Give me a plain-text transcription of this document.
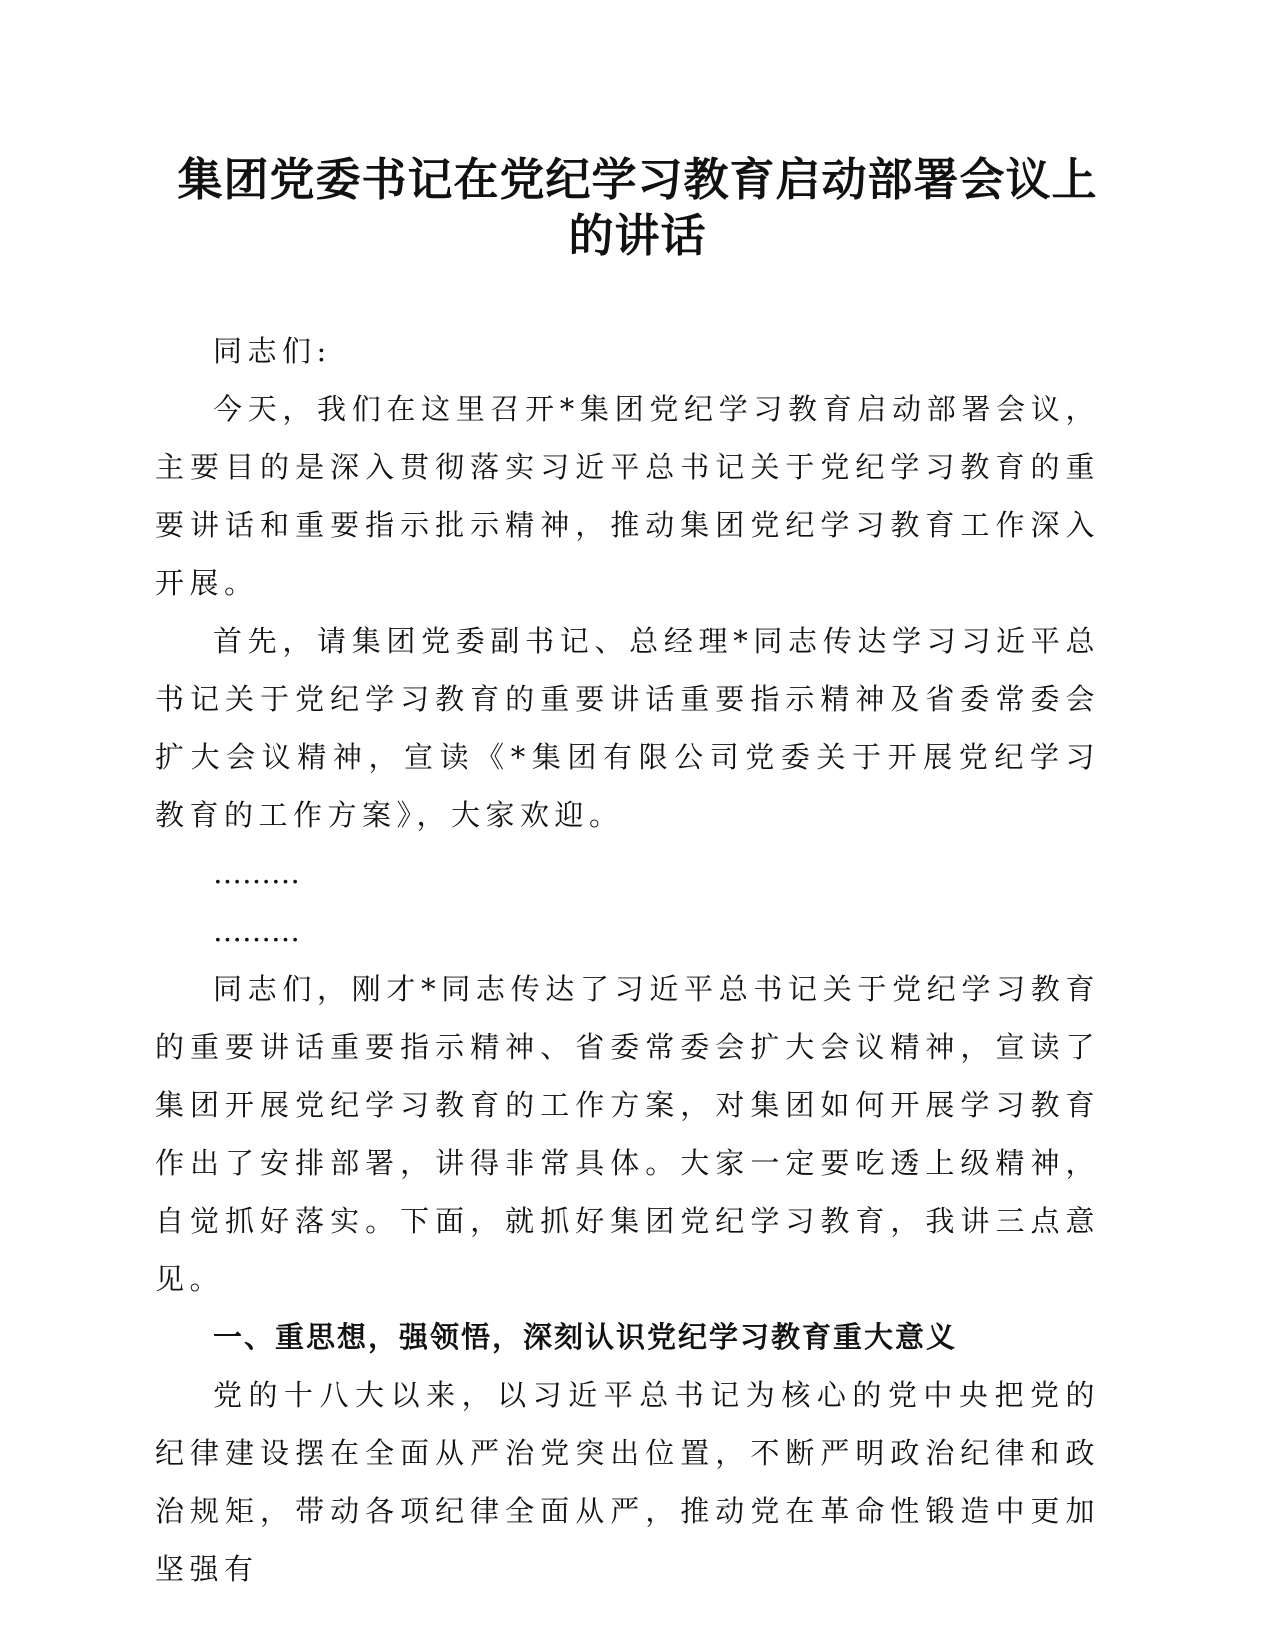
集团党委书记在党纪学习教育启动部署会议上
的讲话

同志们:

今天，我们在这里召开*集团党纪学习教育启动部署会议，主要目的是深入贯彻落实习近平总书记关于党纪学习教育的重要讲话和重要指示批示精神，推动集团党纪学习教育工作深入开展。

首先，请集团党委副书记、总经理*同志传达学习习近平总书记关于党纪学习教育的重要讲话重要指示精神及省委常委会扩大会议精神，宣读《*集团有限公司党委关于开展党纪学习教育的工作方案》，大家欢迎。

………

………

同志们，刚才*同志传达了习近平总书记关于党纪学习教育的重要讲话重要指示精神、省委常委会扩大会议精神，宣读了集团开展党纪学习教育的工作方案，对集团如何开展学习教育作出了安排部署，讲得非常具体。大家一定要吃透上级精神，自觉抓好落实。下面，就抓好集团党纪学习教育，我讲三点意见。

一、重思想，强领悟，深刻认识党纪学习教育重大意义

党的十八大以来，以习近平总书记为核心的党中央把党的纪律建设摆在全面从严治党突出位置，不断严明政治纪律和政治规矩，带动各项纪律全面从严，推动党在革命性锻造中更加坚强有
